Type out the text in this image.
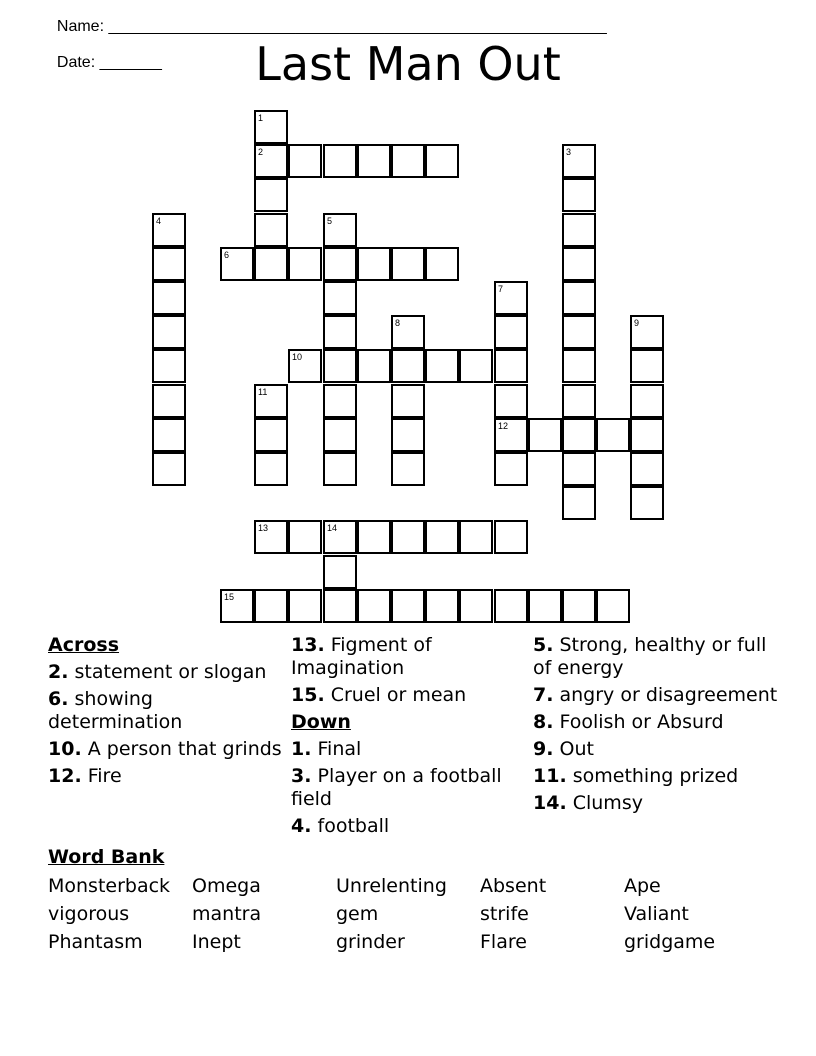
Name: ________________________________________________________

Date: _______	Last Man Out
1
2	3
4	5
6
7
8	9
10
11
12
13	14
15
Across
2. statement or slogan
6. showing determination
10. A person that grinds
12. Fire
13. Figment of Imagination
15. Cruel or mean
Down
1. Final
3. Player on a football field
4. football
5. Strong, healthy or full of energy
7. angry or disagreement
8. Foolish or Absurd
9. Out
11. something prized
14. Clumsy
Word Bank
Monsterback	Omega	Unrelenting	Absent	Ape
vigorous	mantra	gem	strife	Valiant
Phantasm	Inept	grinder	Flare	gridgame
